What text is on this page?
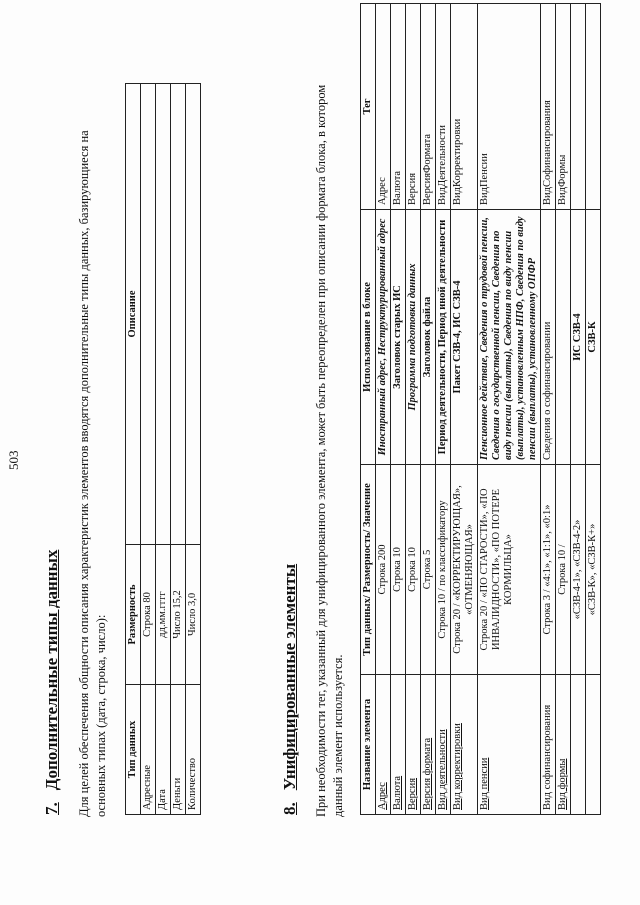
503
7.Дополнительные типы данных Для целей обеспечения общности описания характеристик элементов вводятся дополнительные типы данных, базирующиеся на основных типах (дата, строка, число): Тип данных	Размерность	Описание
Адресные	Строка 80	
Дата	дд.мм.гггг	
Деньги	Число 15,2	
Количество	Число 3,0	
8.Унифицированные элементы При необходимости тег, указанный для унифицированного элемента, может быть переопределен при описании формата блока, в котором данный элемент используется. Название элемента	Тип данных/ Размерность/ Значение	Использование в блоке	Тег
Адрес	Строка 200	Иностранный адрес, Неструктурированный адрес	Адрес
Валюта	Строка 10	Заголовок старых ИС	Валюта
Версия	Строка 10	Программа подготовки данных	Версия
Версия формата	Строка 5	Заголовок файла	ВерсияФормата
Вид деятельности	Строка 10 / по классификатору	Период деятельности, Период иной деятельности	ВидДеятельности
Вид корректировки	Строка 20 / «КОРРЕКТИРУЮЩАЯ», «ОТМЕНЯЮЩАЯ»	Пакет СЗВ-4, ИС СЗВ-4	ВидКорректировки
Вид пенсии	Строка 20 / «ПО СТАРОСТИ», «ПО ИНВАЛИДНОСТИ», «ПО ПОТЕРЕ КОРМИЛЬЦА»	Пенсионное действие, Сведения о трудовой пенсии, Сведения о государственной пенсии, Сведения по виду пенсии (выплаты), Сведения по виду пенсии (выплаты), установленным НПФ, Сведения по виду пенсии (выплаты), установленному ОПФР	ВидПенсии
Вид софинансирования	Строка 3 / «4:1», «1:1», «0:1»	Сведения о софинансировании	ВидСофинансирования
Вид формы	Строка 10 /		ВидФормы
	«СЗВ-4-1», «СЗВ-4-2»	ИС СЗВ-4	
	«СЗВ-К», «СЗВ-К+»	СЗВ-К	
